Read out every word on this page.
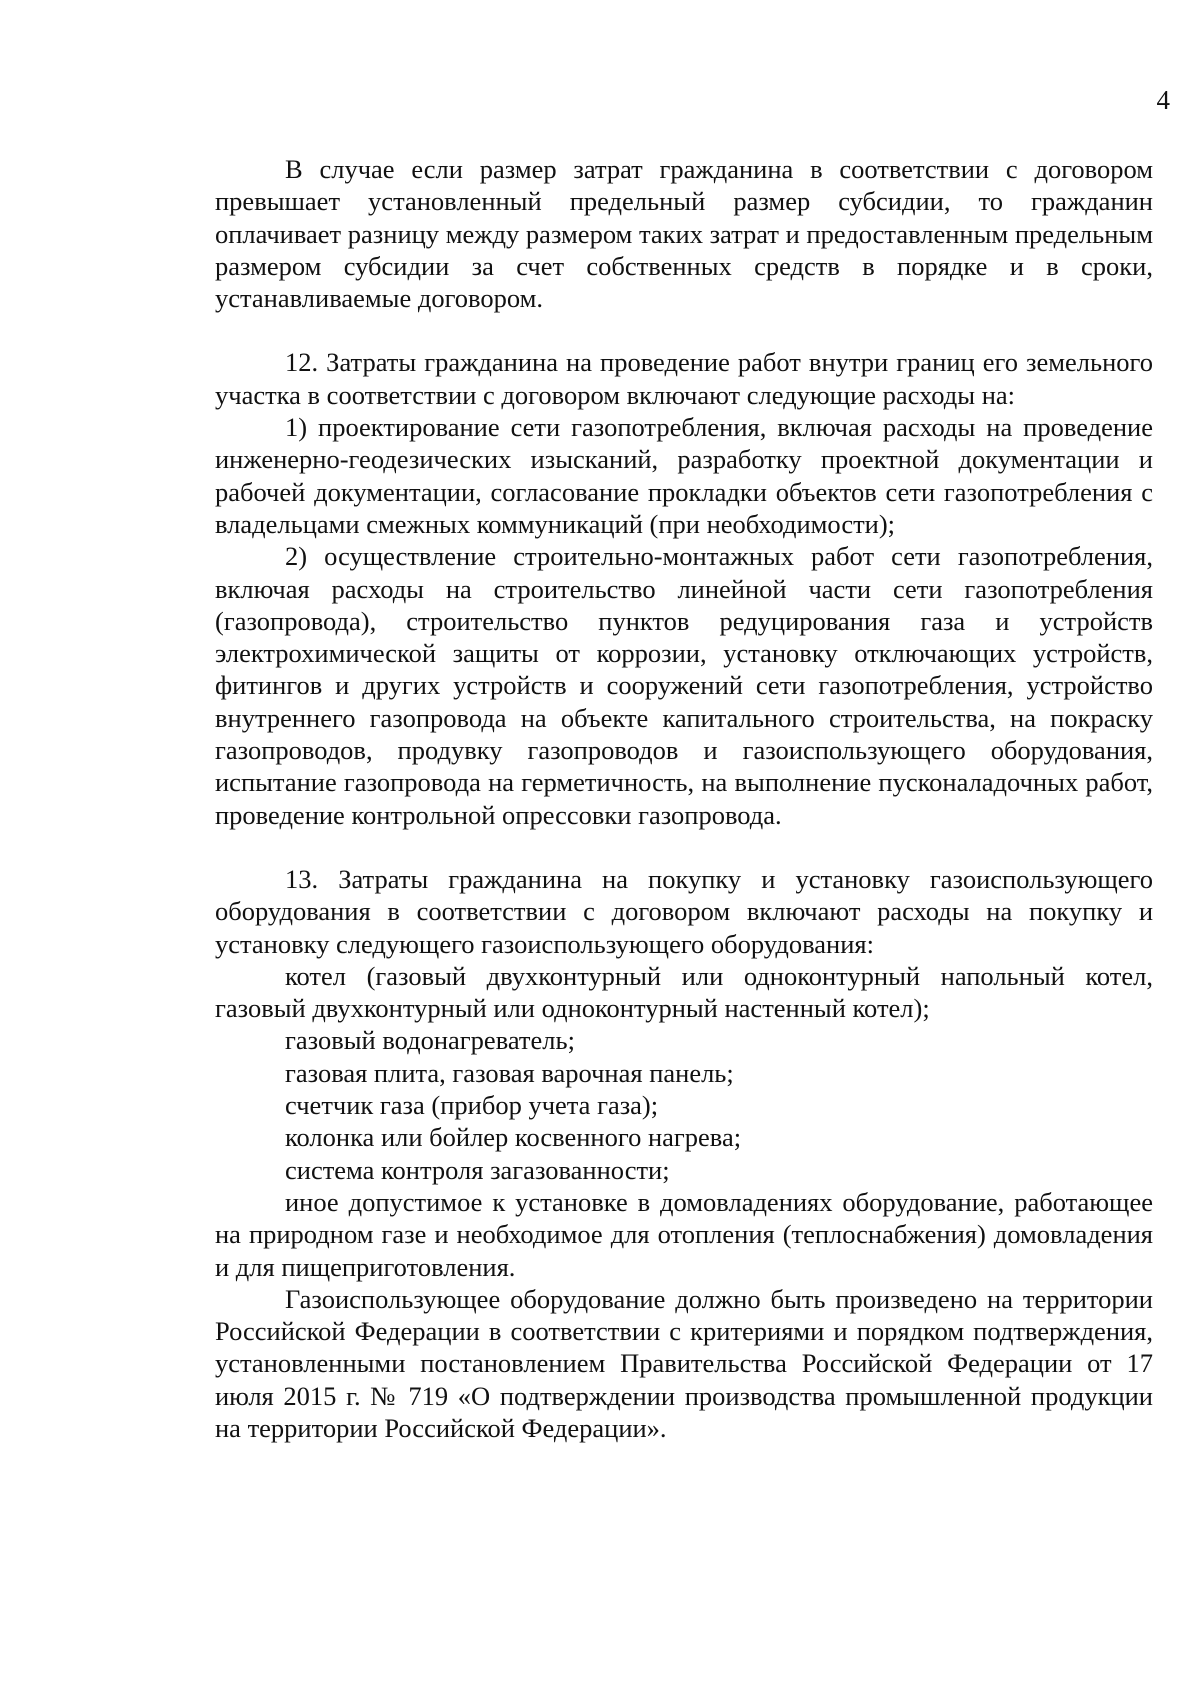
4

В случае если размер затрат гражданина в соответствии с договором превышает установленный предельный размер субсидии, то гражданин оплачивает разницу между размером таких затрат и предоставленным предельным размером субсидии за счет собственных средств в порядке и в сроки, устанавливаемые договором.

12. Затраты гражданина на проведение работ внутри границ его земельного участка в соответствии с договором включают следующие расходы на:

1) проектирование сети газопотребления, включая расходы на проведение инженерно-геодезических изысканий, разработку проектной документации и рабочей документации, согласование прокладки объектов сети газопотребления с владельцами смежных коммуникаций (при необходимости);

2) осуществление строительно-монтажных работ сети газопотребления, включая расходы на строительство линейной части сети газопотребления (газопровода), строительство пунктов редуцирования газа и устройств электрохимической защиты от коррозии, установку отключающих устройств, фитингов и других устройств и сооружений сети газопотребления, устройство внутреннего газопровода на объекте капитального строительства, на покраску газопроводов, продувку газопроводов и газоиспользующего оборудования, испытание газопровода на герметичность, на выполнение пусконаладочных работ, проведение контрольной опрессовки газопровода.

13. Затраты гражданина на покупку и установку газоиспользующего оборудования в соответствии с договором включают расходы на покупку и установку следующего газоиспользующего оборудования:

котел (газовый двухконтурный или одноконтурный напольный котел, газовый двухконтурный или одноконтурный настенный котел);

газовый водонагреватель;

газовая плита, газовая варочная панель;

счетчик газа (прибор учета газа);

колонка или бойлер косвенного нагрева;

система контроля загазованности;

иное допустимое к установке в домовладениях оборудование, работающее на природном газе и необходимое для отопления (теплоснабжения) домовладения и для пищеприготовления.

Газоиспользующее оборудование должно быть произведено на территории Российской Федерации в соответствии с критериями и порядком подтверждения, установленными постановлением Правительства Российской Федерации от 17 июля 2015 г. № 719 «О подтверждении производства промышленной продукции на территории Российской Федерации».
